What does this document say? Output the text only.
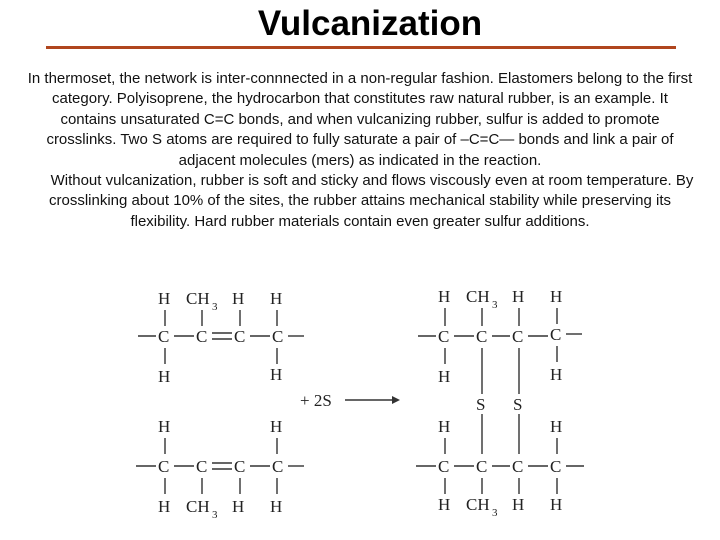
Vulcanization

In thermoset, the network is inter-connnected in a non-regular fashion. Elastomers belong to the first category. Polyisoprene, the hydrocarbon that constitutes raw natural rubber, is an example. It contains unsaturated C=C bonds, and when vulcanizing rubber, sulfur is added to promote crosslinks. Two S atoms are required to fully saturate a pair of –C=C— bonds and link a pair of adjacent molecules (mers) as indicated in the reaction.

Without vulcanization, rubber is soft and sticky and flows viscously even at room temperature. By crosslinking about 10% of the sites, the rubber attains mechanical stability while preserving its flexibility. Hard rubber materials contain even greater sulfur additions.

H CH 3 H H
C C C C
H	H
H	H
C C C C
H CH 3 H H
+ 2S
H CH 3 H H
C C C C
H	H
S S
H	H
C C C C
H CH 3 H H
